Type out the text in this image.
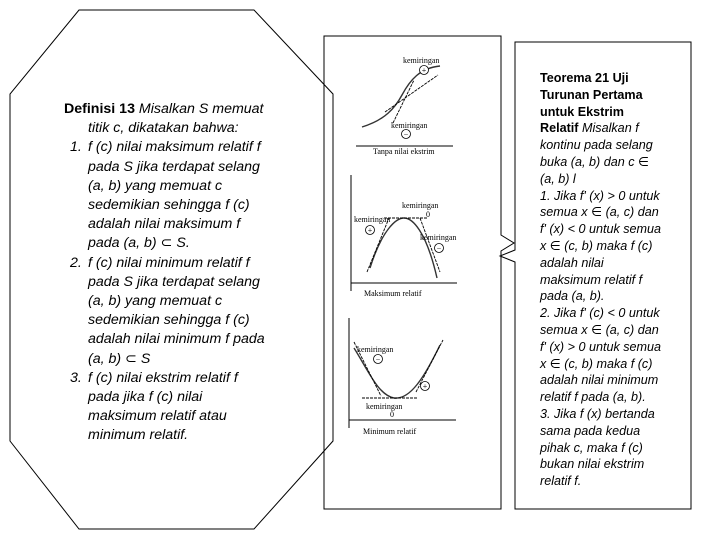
Definisi 13 Misalkan S memuat
titik c, dikatakan bahwa:
1. f (c) nilai maksimum relatif f
pada S jika terdapat selang
(a, b) yang memuat c
sedemikian sehingga f (c)
adalah nilai maksimum f
pada (a, b) ⊂ S.
2. f (c) nilai minimum relatif f
pada S jika terdapat selang
(a, b) yang memuat c
sedemikian sehingga f (c)
adalah nilai minimum f pada
(a, b) ⊂ S
3. f (c) nilai ekstrim relatif f
pada jika f (c) nilai
maksimum relatif atau
minimum relatif.
kemiringan
+
kemiringan
−
Tanpa nilai ekstrim
kemiringan
0
kemiringan
+
kemiringan
−
Maksimum relatif
kemiringan
−
+
kemiringan
0
Minimum relatif

Teorema 21 Uji
Turunan Pertama
untuk Ekstrim
Relatif Misalkan f

kontinu pada selang
buka (a, b) dan c ∈
(a, b) l

1. Jika f' (x) > 0 untuk
semua x ∈ (a, c) dan
f' (x) < 0 untuk semua
x ∈ (c, b) maka f (c)
adalah nilai
maksimum relatif f
pada (a, b).

2. Jika f' (c) < 0 untuk
semua x ∈ (a, c) dan
f' (x) > 0 untuk semua
x ∈ (c, b) maka f (c)
adalah nilai minimum
relatif f pada (a, b).

3. Jika f (x) bertanda
sama pada kedua
pihak c, maka f (c)
bukan nilai ekstrim
relatif f.
